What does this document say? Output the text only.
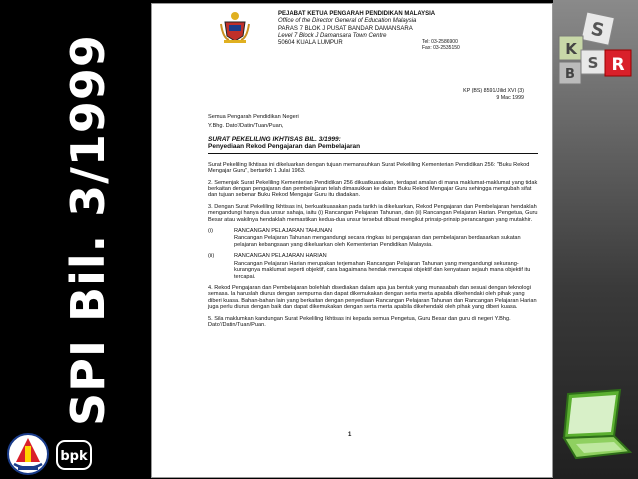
SPI Bil. 3/1999
bpk
S
K
S R
B
PEJABAT KETUA PENGARAH PENDIDIKAN MALAYSIA
Office of the Director General of Education Malaysia
PARAS 7 BLOK J PUSAT BANDAR DAMANSARA
Level 7 Block J Damansara Town Centre
50604 KUALA LUMPUR	Tel: 03-2586900
Fax: 03-2535150
KP (BS) 8591/Jilid XVI (3)
9 Mac 1999

Semua Pengarah Pendidikan Negeri

Y.Bhg. Dato'/Datin/Tuan/Puan,

SURAT PEKELILING IKHTISAS BIL. 3/1999:
Penyediaan Rekod Pengajaran dan Pembelajaran

Surat Pekeliling Ikhtisas ini dikeluarkan dengan tujuan memansuhkan Surat Pekeliling Kementerian Pendidikan 256: "Buku Rekod Mengajar Guru", bertarikh 1 Julai 1963.

2. Semenjak Surat Pekeliling Kementerian Pendidikan 256 dikuatkuasakan, terdapat amalan di mana maklumat-maklumat yang tidak berkaitan dengan pengajaran dan pembelajaran telah dimasukkan ke dalam Buku Rekod Mengajar Guru sehingga mengubah sifat dan tujuan sebenar Buku Rekod Mengajar Guru itu diadakan.

3. Dengan Surat Pekeliling Ikhtisas ini, berkuatkuasakan pada tarikh ia dikeluarkan, Rekod Pengajaran dan Pembelajaran hendaklah mengandungi hanya dua unsur sahaja, iaitu (i) Rancangan Pelajaran Tahunan, dan (ii) Rancangan Pelajaran Harian. Pengetua, Guru Besar atau wakilnya hendaklah memastikan kedua-dua unsur tersebut dibuat mengikut prinsip-prinsip perancangan yang mutakhir.

(i)	RANCANGAN PELAJARAN TAHUNAN
Rancangan Pelajaran Tahunan mengandungi secara ringkas isi pengajaran dan pembelajaran berdasarkan sukatan pelajaran kebangsaan yang dikeluarkan oleh Kementerian Pendidikan Malaysia.
(ii)	RANCANGAN PELAJARAN HARIAN
Rancangan Pelajaran Harian merupakan terjemahan Rancangan Pelajaran Tahunan yang mengandungi sekurang-kurangnya maklumat seperti objektif, cara bagaimana hendak mencapai objektif dan kenyataan sejauh mana objektif itu tercapai.

4. Rekod Pengajaran dan Pembelajaran bolehlah disediakan dalam apa jua bentuk yang munasabah dan sesuai dengan teknologi semasa. Ia haruslah diurus dengan sempurna dan dapat dikemukakan dengan serta merta apabila dikehendaki oleh pihak yang diberi kuasa. Bahan-bahan lain yang berkaitan dengan penyediaan Rancangan Pelajaran Tahunan dan Rancangan Pelajaran Harian juga perlu diurus dengan baik dan dapat dikemukakan dengan serta merta apabila dikehendaki oleh pihak yang diberi kuasa.

5. Sila maklumkan kandungan Surat Pekeliling Ikhtisas ini kepada semua Pengetua, Guru Besar dan guru di negeri Y.Bhg. Dato'/Datin/Tuan/Puan.

1
